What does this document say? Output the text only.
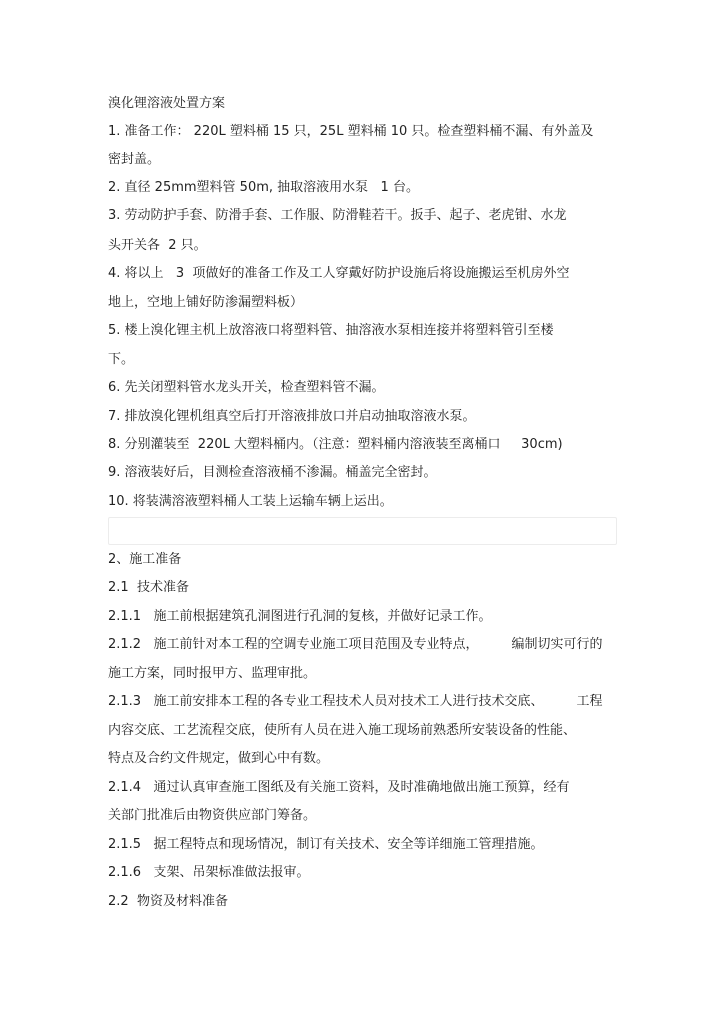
溴化锂溶液处置方案
1. 准备工作： 220L 塑料桶 15 只，25L 塑料桶 10 只。检查塑料桶不漏、有外盖及
密封盖。
2. 直径 25mm塑料管 50m, 抽取溶液用水泵   1 台。
3. 劳动防护手套、防滑手套、工作服、防滑鞋若干。扳手、起子、老虎钳、水龙
头开关各  2 只。
4. 将以上   3  项做好的准备工作及工人穿戴好防护设施后将设施搬运至机房外空
地上，空地上铺好防渗漏塑料板）
5. 楼上溴化锂主机上放溶液口将塑料管、抽溶液水泵相连接并将塑料管引至楼
下。
6. 先关闭塑料管水龙头开关，检查塑料管不漏。
7. 排放溴化锂机组真空后打开溶液排放口并启动抽取溶液水泵。
8. 分别灌装至  220L 大塑料桶内。（注意：塑料桶内溶液装至离桶口     30cm)
9. 溶液装好后，目测检查溶液桶不渗漏。桶盖完全密封。
10. 将装满溶液塑料桶人工装上运输车辆上运出。
2、施工准备
2.1  技术准备
2.1.1   施工前根据建筑孔洞图进行孔洞的复核，并做好记录工作。
2.1.2   施工前针对本工程的空调专业施工项目范围及专业特点，        编制切实可行的
施工方案，同时报甲方、监理审批。
2.1.3   施工前安排本工程的各专业工程技术人员对技术工人进行技术交底、        工程
内容交底、工艺流程交底，使所有人员在进入施工现场前熟悉所安装设备的性能、
特点及合约文件规定，做到心中有数。
2.1.4   通过认真审查施工图纸及有关施工资料，及时准确地做出施工预算，经有
关部门批准后由物资供应部门筹备。
2.1.5   据工程特点和现场情况，制订有关技术、安全等详细施工管理措施。
2.1.6   支架、吊架标准做法报审。
2.2  物资及材料准备
